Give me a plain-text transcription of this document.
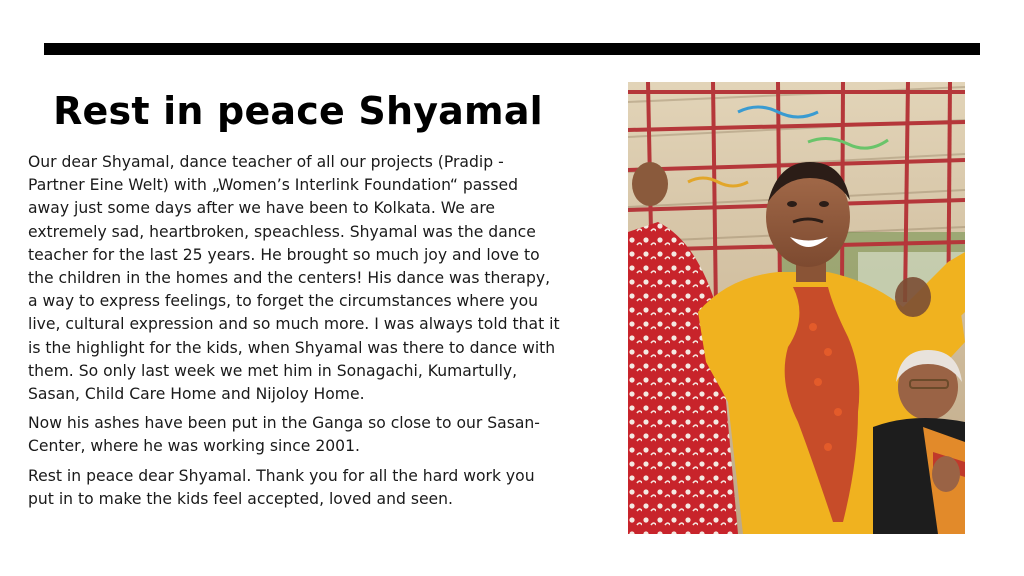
Rest in peace Shyamal

Our dear Shyamal, dance teacher of all our projects (Pradip - Partner Eine Welt) with „Women’s Interlink Foundation“ passed away just some days after we have been to Kolkata. We are extremely sad, heartbroken, speachless. Shyamal was the dance teacher for the last 25 years. He brought so much joy and love to the children in the homes and the centers! His dance was therapy, a way to express feelings, to forget the circumstances where you live, cultural expression and so much more. I was always told that it is the highlight for the kids, when Shyamal was there to dance with them. So only last week we met him in Sonagachi, Kumartully, Sasan, Child Care Home and Nijoloy Home.

Now his ashes have been put in the Ganga so close to our Sasan-Center, where he was working since 2001.

Rest in peace dear Shyamal. Thank you for all the hard work you put in to make the kids feel accepted, loved and seen.
